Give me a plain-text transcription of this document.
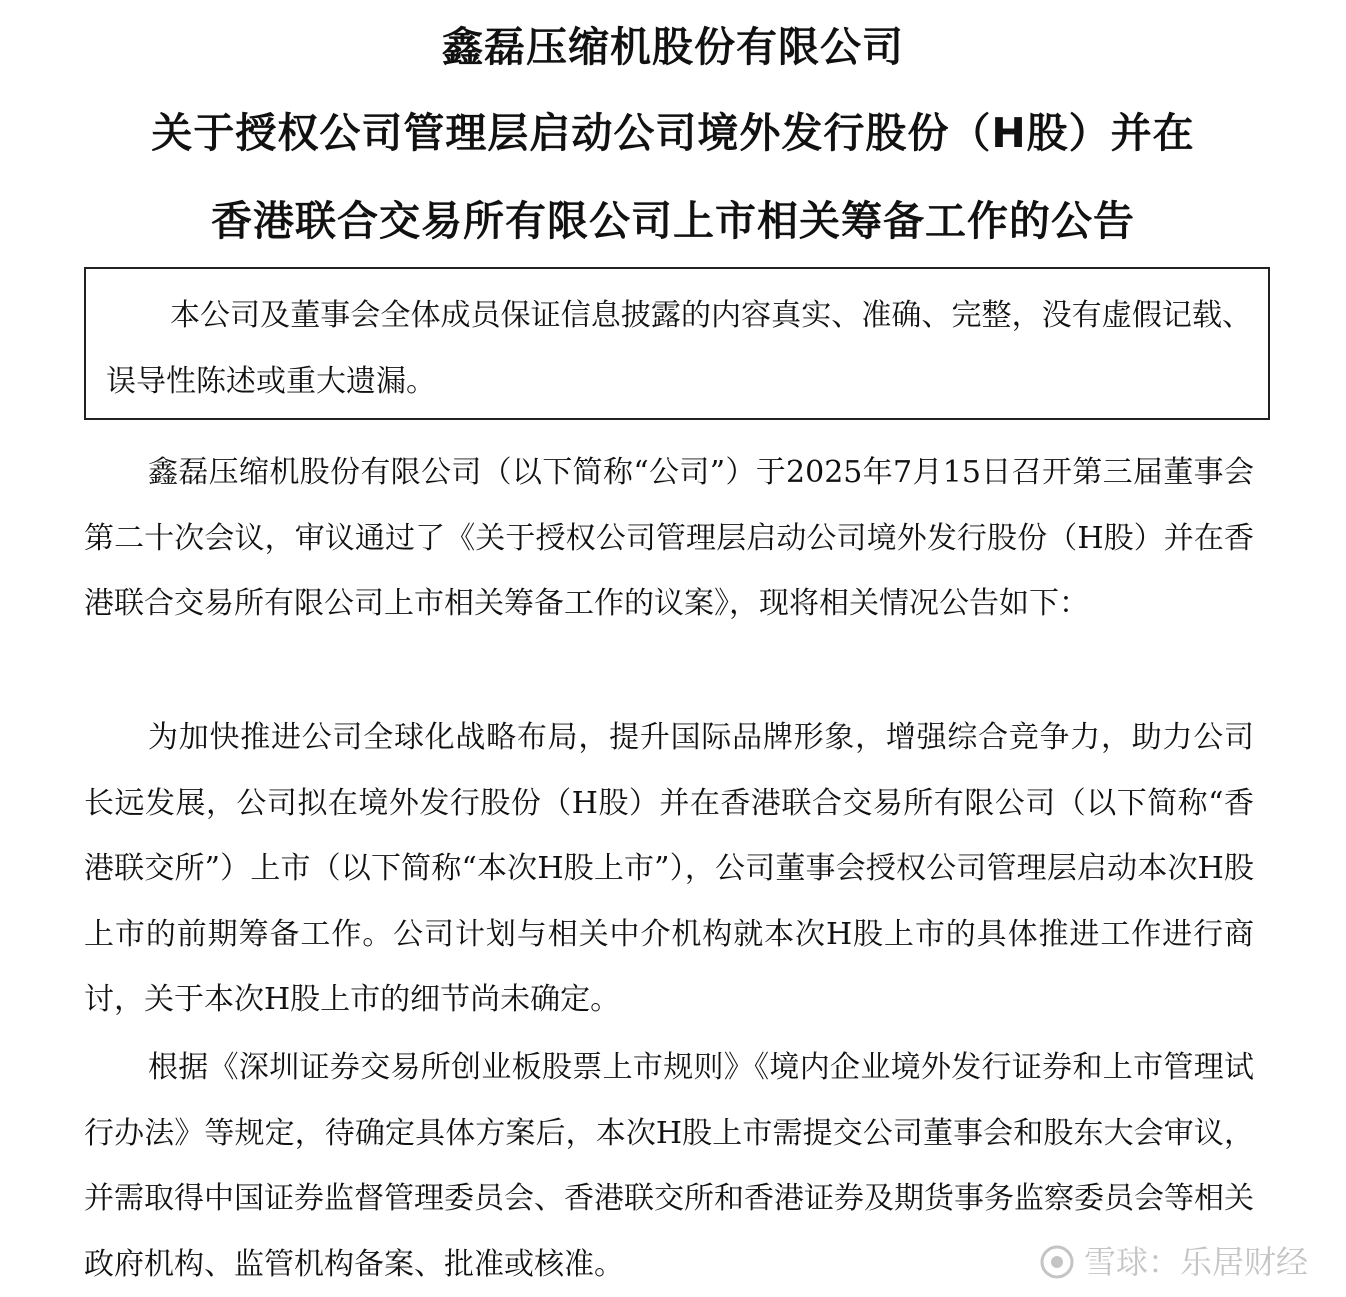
鑫磊压缩机股份有限公司
关于授权公司管理层启动公司境外发行股份（H股）并在
香港联合交易所有限公司上市相关筹备工作的公告

本公司及董事会全体成员保证信息披露的内容真实、准确、完整，没有虚假记载、误导性陈述或重大遗漏。

鑫磊压缩机股份有限公司（以下简称“公司”）于2025年7月15日召开第三届董事会第二十次会议，审议通过了《关于授权公司管理层启动公司境外发行股份（H股）并在香港联合交易所有限公司上市相关筹备工作的议案》，现将相关情况公告如下：

为加快推进公司全球化战略布局，提升国际品牌形象，增强综合竞争力，助力公司长远发展，公司拟在境外发行股份（H股）并在香港联合交易所有限公司（以下简称“香港联交所”）上市（以下简称“本次H股上市”），公司董事会授权公司管理层启动本次H股上市的前期筹备工作。公司计划与相关中介机构就本次H股上市的具体推进工作进行商讨，关于本次H股上市的细节尚未确定。

根据《深圳证券交易所创业板股票上市规则》《境内企业境外发行证券和上市管理试行办法》等规定，待确定具体方案后，本次H股上市需提交公司董事会和股东大会审议，并需取得中国证券监督管理委员会、香港联交所和香港证券及期货事务监察委员会等相关政府机构、监管机构备案、批准或核准。	雪球：乐居财经
